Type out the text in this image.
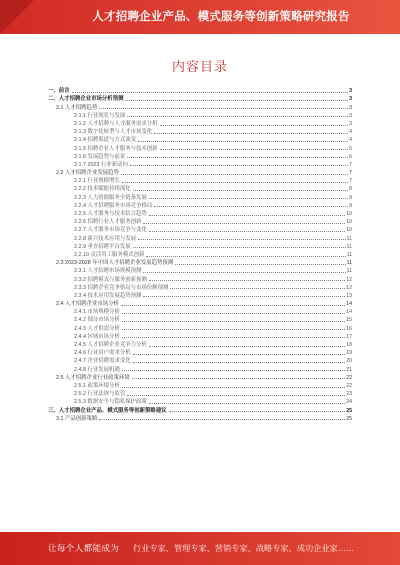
人才招聘企业产品、模式服务等创新策略研究报告
内容目录
一、前言	3
二、人才招聘企业市场分析预测	3
2.1 人才招聘趋势	3
2.1.1 行业现状与发展	3
2.1.2 人才招聘与人才服务需求分析	3
2.1.3 数字化转型与人才市场变化	4
2.1.4 招聘渠道与方式演变	4
2.1.5 招聘企业人才服务与技术创新	5
2.1.6 发展趋势与前景	6
2.1.7 2023 行业新动向	7
2.2 人才招聘企业发展趋势	7
2.2.1 行业规模增长	7
2.2.2 技术赋能持续深化	8
2.2.3 人力资源服务全链条发展	9
2.2.4 人才招聘服务市场竞争格局	9
2.2.5 人才服务与技术结合趋势	10
2.2.6 招聘行业人才服务创新	10
2.2.7 人才服务市场竞争与变化	10
2.2.8 新兴技术应用与发展	11
2.2.9 垂直招聘平台发展	11
2.2.10 灵活用工服务模式创新	11
2.3 2023-2028 年中国人才招聘企业发展趋势预测	11
2.3.1 人才招聘市场规模预测	11
2.3.2 招聘模式与服务创新预测	12
2.3.3 招聘企业竞争格局与市场份额预测	12
2.3.4 技术应用发展趋势预测	13
2.4 人才招聘企业市场分析	14
2.4.1 市场规模分析	14
2.4.2 细分市场分析	15
2.4.3 人才供需分析	16
2.4.4 区域市场分析	17
2.4.5 人才招聘企业竞争力分析	18
2.4.6 行业用户需求分析	19
2.4.7 企业招聘需求变化	20
2.4.8 行业发展机遇	21
2.5 人才招聘企业行业政策环境	22
2.5.1 政策环境分析	22
2.5.2 行业法规与监管	23
2.5.3 数据安全与隐私保护政策	24
三、人才招聘企业产品、模式服务等创新策略建议	25
3.1 产品创新策略	25
让每个人都能成为 行业专家、管理专家、营销专家、战略专家、成功企业家……
